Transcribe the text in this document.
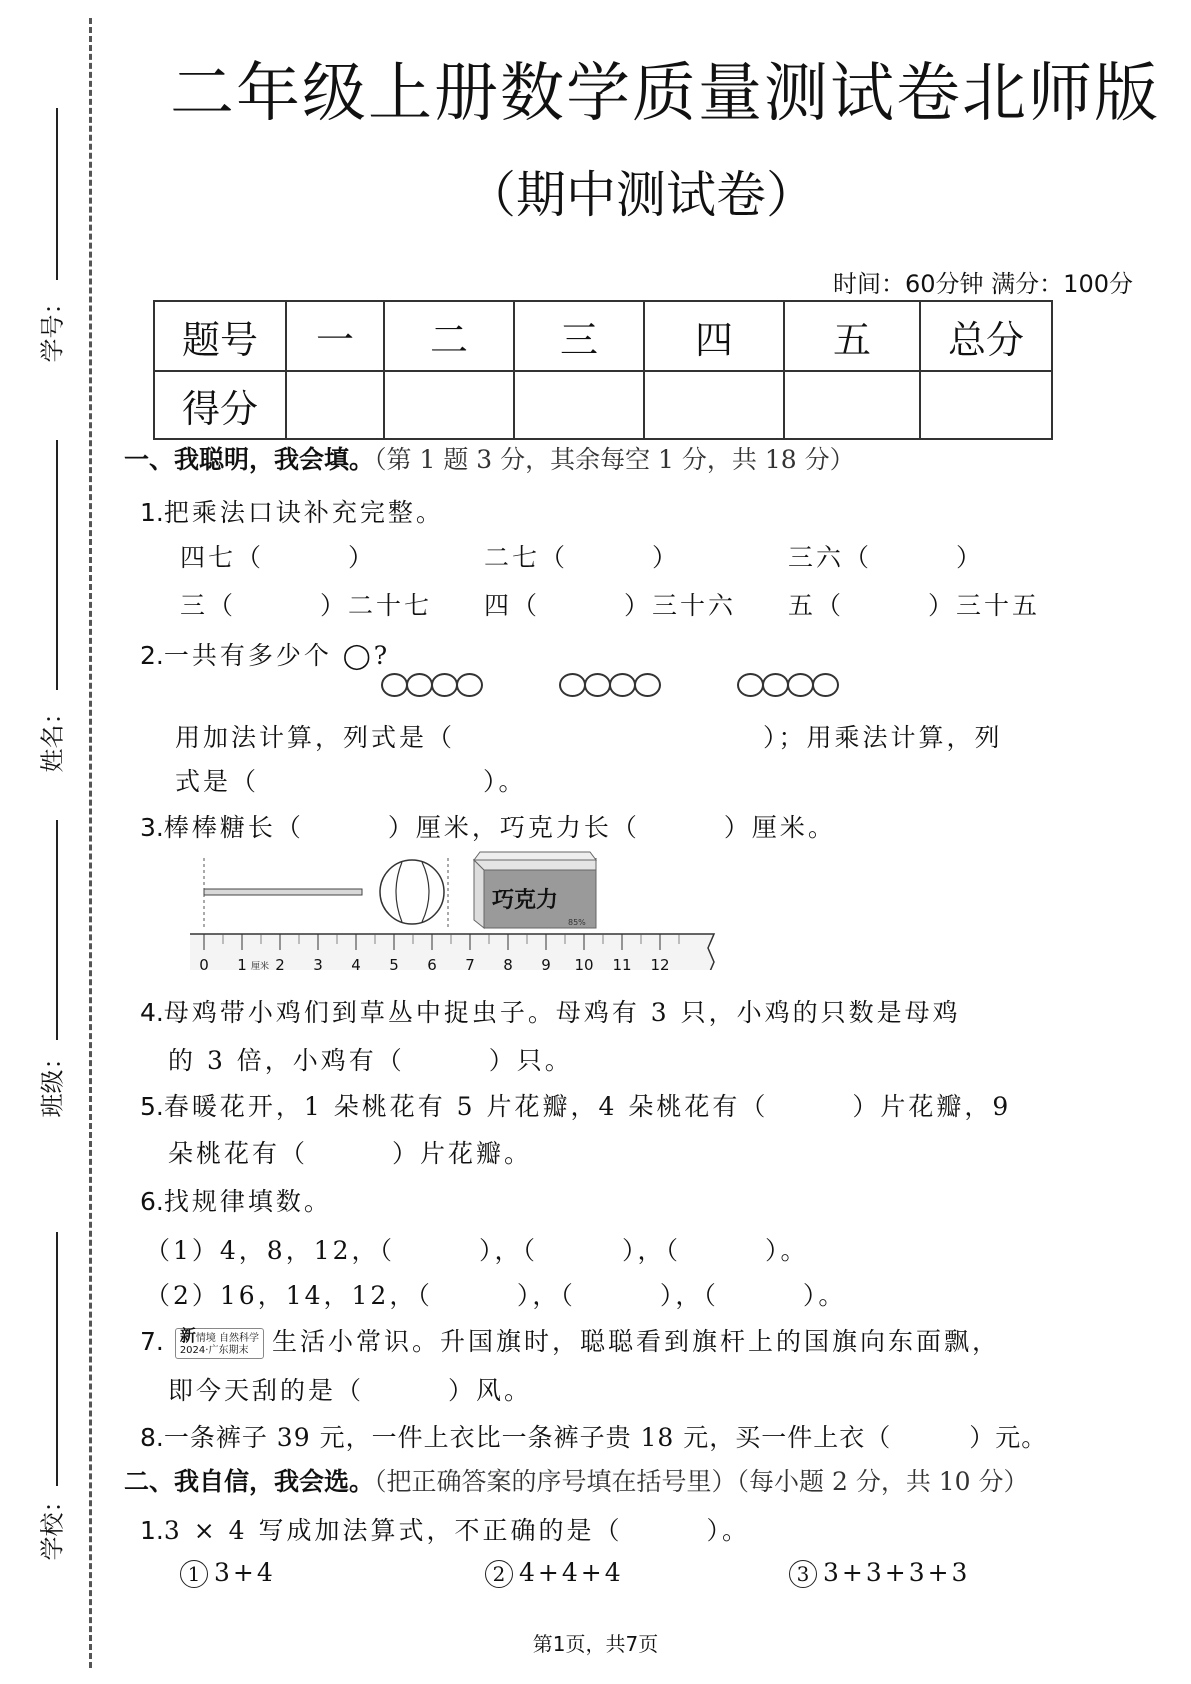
学号：
姓名：
班级：
学校：
二年级上册数学质量测试卷北师版
（期中测试卷）
时间：60分钟 满分：100分
题号	一	二	三	四	五	总分
得分						
一、我聪明，我会填。（第 1 题 3 分，其余每空 1 分，共 18 分）
1.把乘法口诀补充完整。
四七（　　　）	二七（　　　）	三六（　　　）
三（　　　）二十七 四（　　　）三十六 五（　　　）三十五
2.一共有多少个 ◯?
用加法计算，列式是（　　　　　　　　　　　）；用乘法计算，列
式是（　　　　　　　　）。
3.棒棒糖长（　　　）厘米，巧克力长（　　　）厘米。
巧克力
85%
0 1 2 3 4 5 6 7 8 9 10 11 12
厘米
4.母鸡带小鸡们到草丛中捉虫子。母鸡有 3 只，小鸡的只数是母鸡
的 3 倍，小鸡有（　　　）只。
5.春暖花开，1 朵桃花有 5 片花瓣，4 朵桃花有（　　　）片花瓣，9
朵桃花有（　　　）片花瓣。
6.找规律填数。
（1）4，8，12，（　　　），（　　　），（　　　）。
（2）16，14，12，（　　　），（　　　），（　　　）。
7. 新情境 自然科学
2024·广东期末 生活小常识。升国旗时，聪聪看到旗杆上的国旗向东面飘，
即今天刮的是（　　　）风。
8.一条裤子 39 元，一件上衣比一条裤子贵 18 元，买一件上衣（　　　）元。
二、我自信，我会选。（把正确答案的序号填在括号里）（每小题 2 分，共 10 分）
1.3 × 4 写成加法算式，不正确的是（　　　）。
1 3+4	2 4+4+4	3 3+3+3+3
第1页，共7页
